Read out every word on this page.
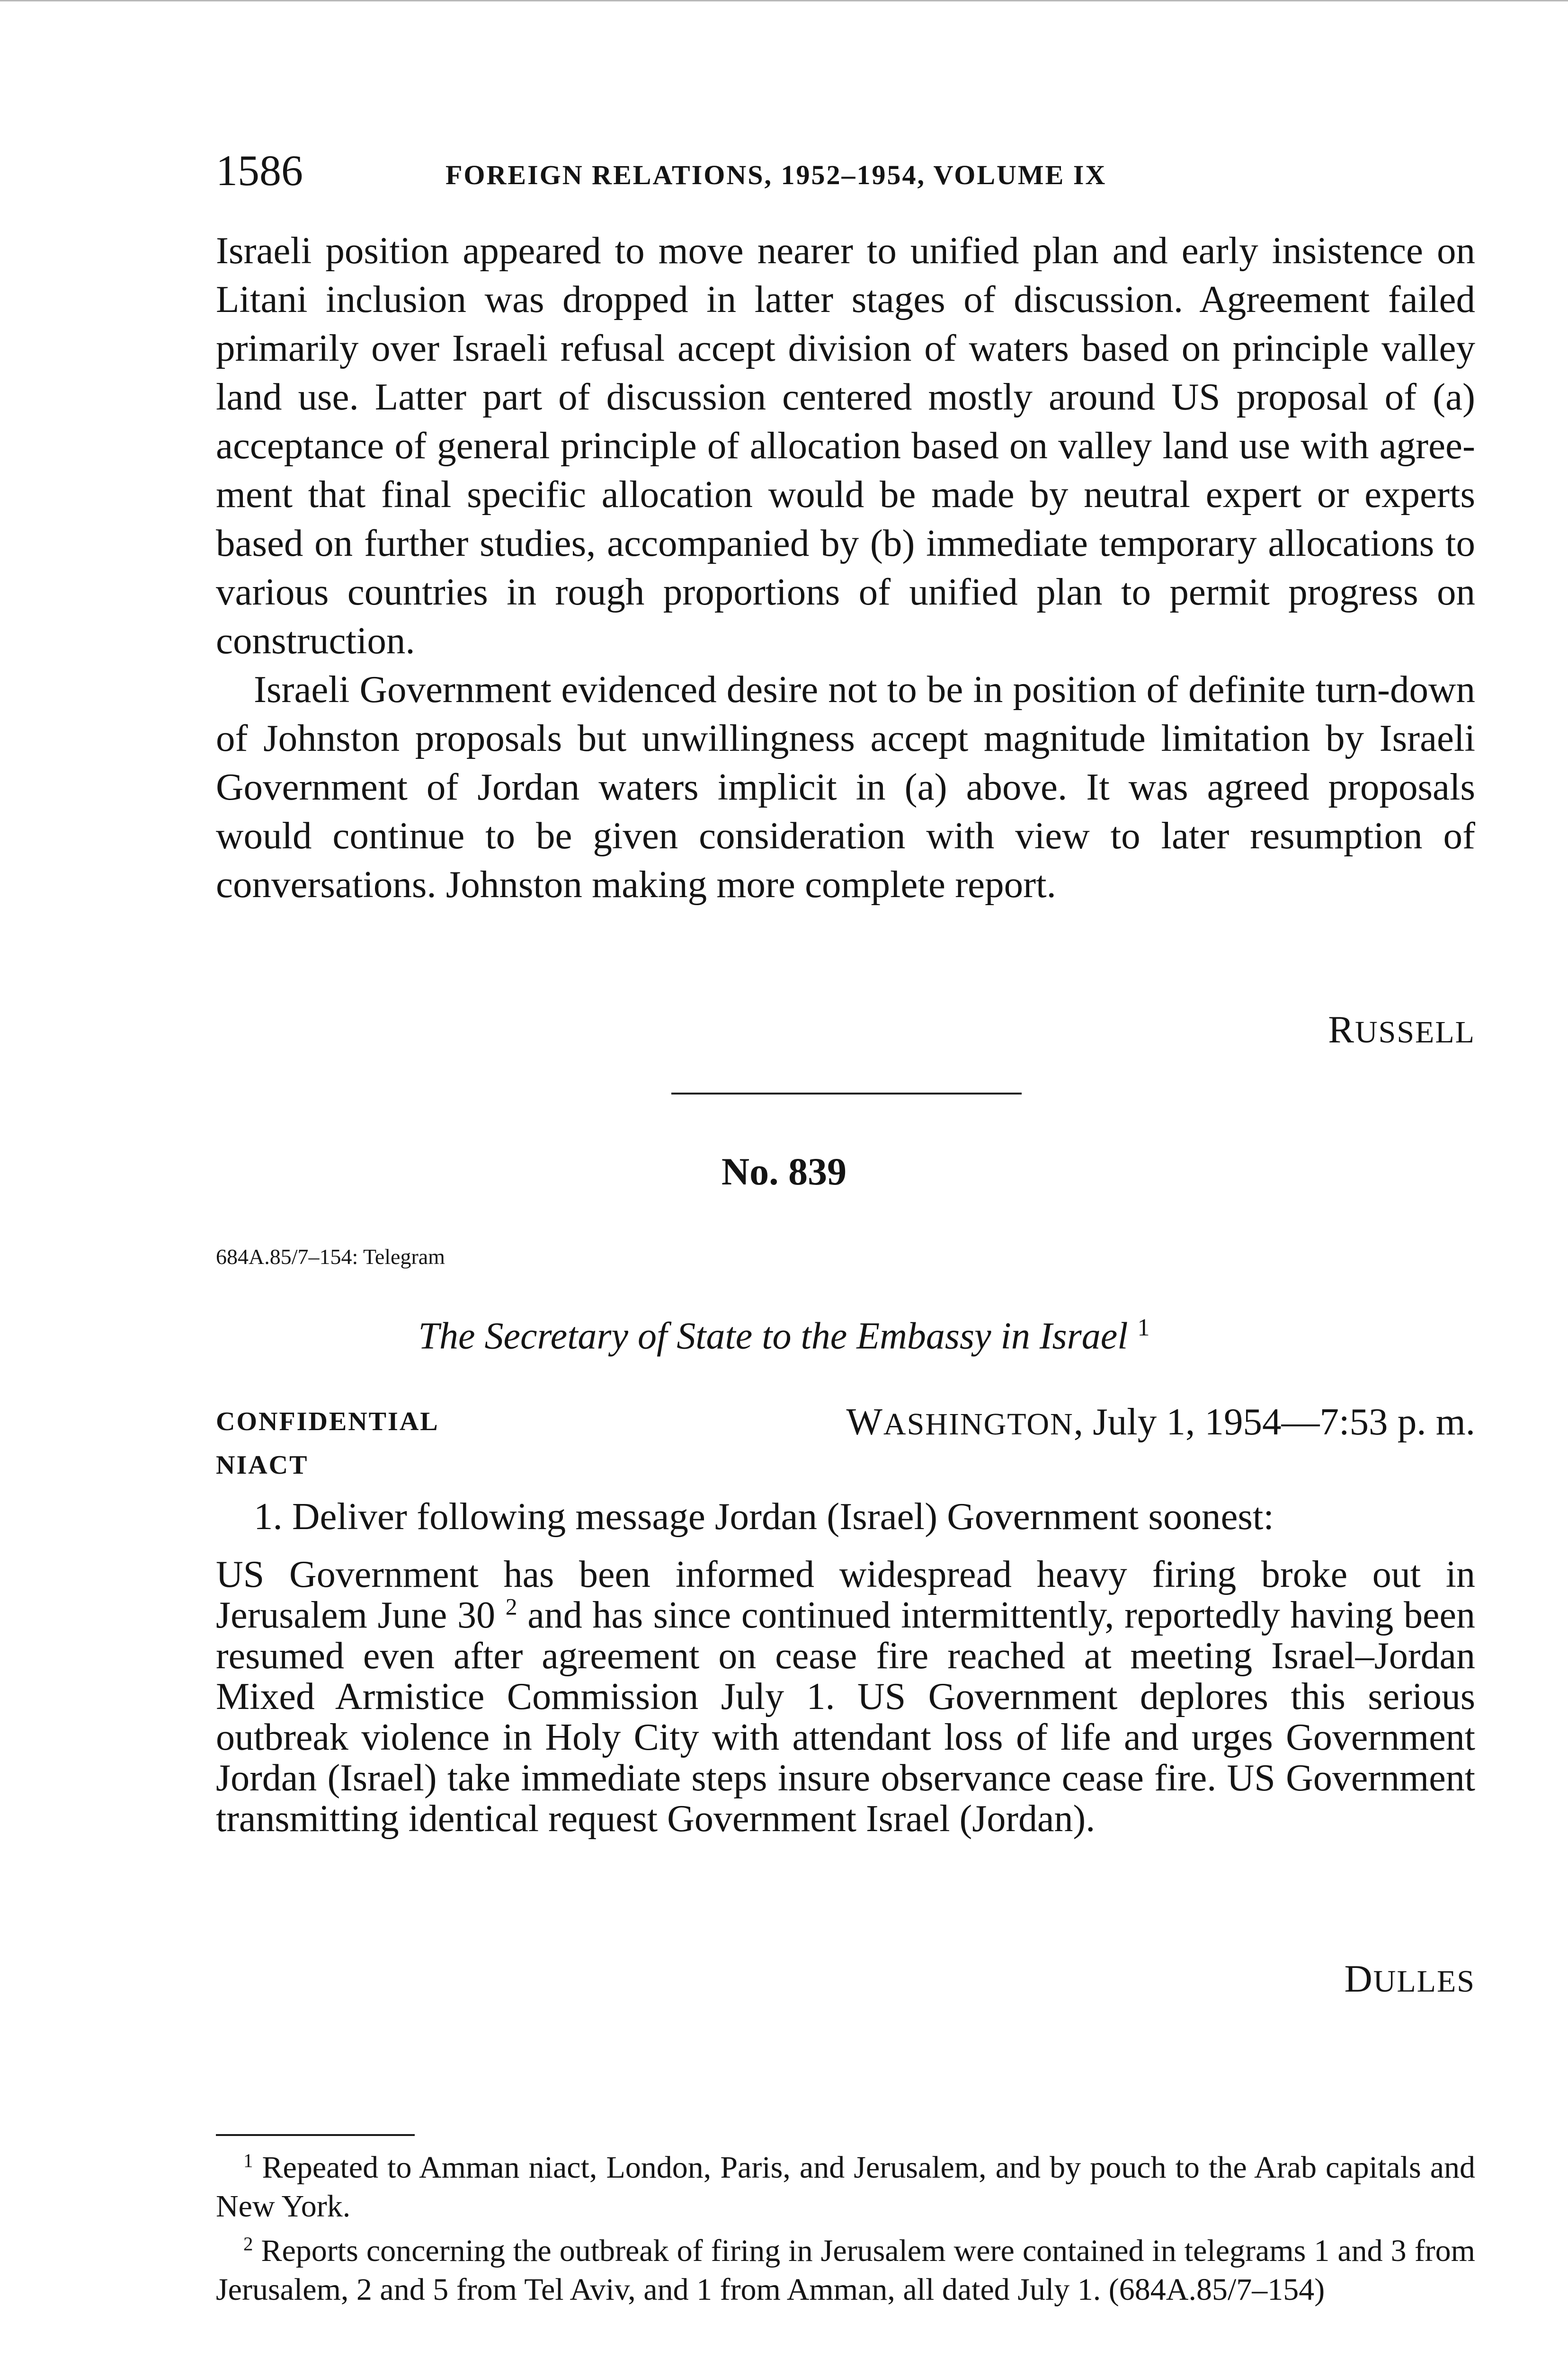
1586	FOREIGN RELATIONS, 1952–1954, VOLUME IX

Israeli position appeared to move nearer to unified plan and early insistence on Litani inclusion was dropped in latter stages of discussion. Agreement failed primarily over Israeli refusal accept division of waters based on principle valley land use. Latter part of discussion centered mostly around US proposal of (a) acceptance of general principle of allocation based on valley land use with agreement that final specific allocation would be made by neutral expert or experts based on further studies, accompanied by (b) immediate temporary allocations to various countries in rough proportions of unified plan to permit progress on construction.

Israeli Government evidenced desire not to be in position of definite turn-down of Johnston proposals but unwillingness accept magnitude limitation by Israeli Government of Jordan waters implicit in (a) above. It was agreed proposals would continue to be given consideration with view to later resumption of conversations. Johnston making more complete report.

RUSSELL
No. 839
684A.85/7–154: Telegram
The Secretary of State to the Embassy in Israel $^1$
CONFIDENTIAL
NIACT
WASHINGTON, July 1, 1954—7:53 p. m.

1. Deliver following message Jordan (Israel) Government soonest:

US Government has been informed widespread heavy firing broke out in Jerusalem June 30 $^2$ and has since continued intermittently, reportedly having been resumed even after agreement on cease fire reached at meeting Israel–Jordan Mixed Armistice Commission July 1. US Government deplores this serious outbreak violence in Holy City with attendant loss of life and urges Government Jordan (Israel) take immediate steps insure observance cease fire. US Government transmitting identical request Government Israel (Jordan).

DULLES

$^1$ Repeated to Amman niact, London, Paris, and Jerusalem, and by pouch to the Arab capitals and New York.

$^2$ Reports concerning the outbreak of firing in Jerusalem were contained in telegrams 1 and 3 from Jerusalem, 2 and 5 from Tel Aviv, and 1 from Amman, all dated July 1. (684A.85/7–154)
